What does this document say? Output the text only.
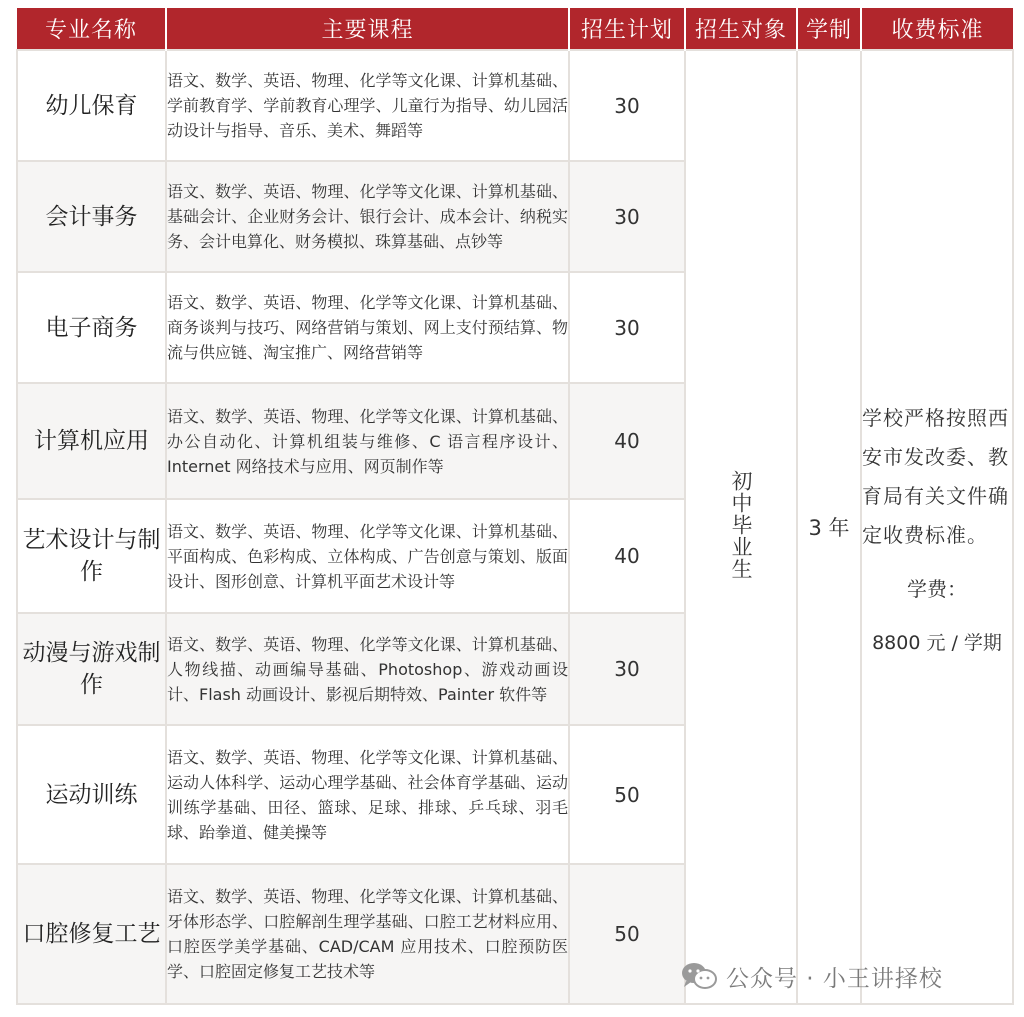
专业名称	主要课程	招生计划	招生对象	学制	收费标准
幼儿保育	语文、数学、英语、物理、化学等文化课、计算机基础、学前教育学、学前教育心理学、儿童行为指导、幼儿园活动设计与指导、音乐、美术、舞蹈等	30	初中毕业生	3 年	学校严格按照西安市发改委、教育局有关文件确定收费标准。
学费：
8800 元 / 学期

会计事务	语文、数学、英语、物理、化学等文化课、计算机基础、基础会计、企业财务会计、银行会计、成本会计、纳税实务、会计电算化、财务模拟、珠算基础、点钞等	30			
电子商务	语文、数学、英语、物理、化学等文化课、计算机基础、商务谈判与技巧、网络营销与策划、网上支付预结算、物流与供应链、淘宝推广、网络营销等	30			
计算机应用	语文、数学、英语、物理、化学等文化课、计算机基础、办公自动化、计算机组装与维修、C 语言程序设计、Internet 网络技术与应用、网页制作等	40			
艺术设计与制作	语文、数学、英语、物理、化学等文化课、计算机基础、平面构成、色彩构成、立体构成、广告创意与策划、版面设计、图形创意、计算机平面艺术设计等	40			
动漫与游戏制作	语文、数学、英语、物理、化学等文化课、计算机基础、人物线描、动画编导基础、Photoshop、游戏动画设计、Flash 动画设计、影视后期特效、Painter 软件等	30			
运动训练	语文、数学、英语、物理、化学等文化课、计算机基础、运动人体科学、运动心理学基础、社会体育学基础、运动训练学基础、田径、篮球、足球、排球、乒乓球、羽毛球、跆拳道、健美操等	50			
口腔修复工艺	语文、数学、英语、物理、化学等文化课、计算机基础、牙体形态学、口腔解剖生理学基础、口腔工艺材料应用、口腔医学美学基础、CAD/CAM 应用技术、口腔预防医学、口腔固定修复工艺技术等	50			
公众号 · 小王讲择校
